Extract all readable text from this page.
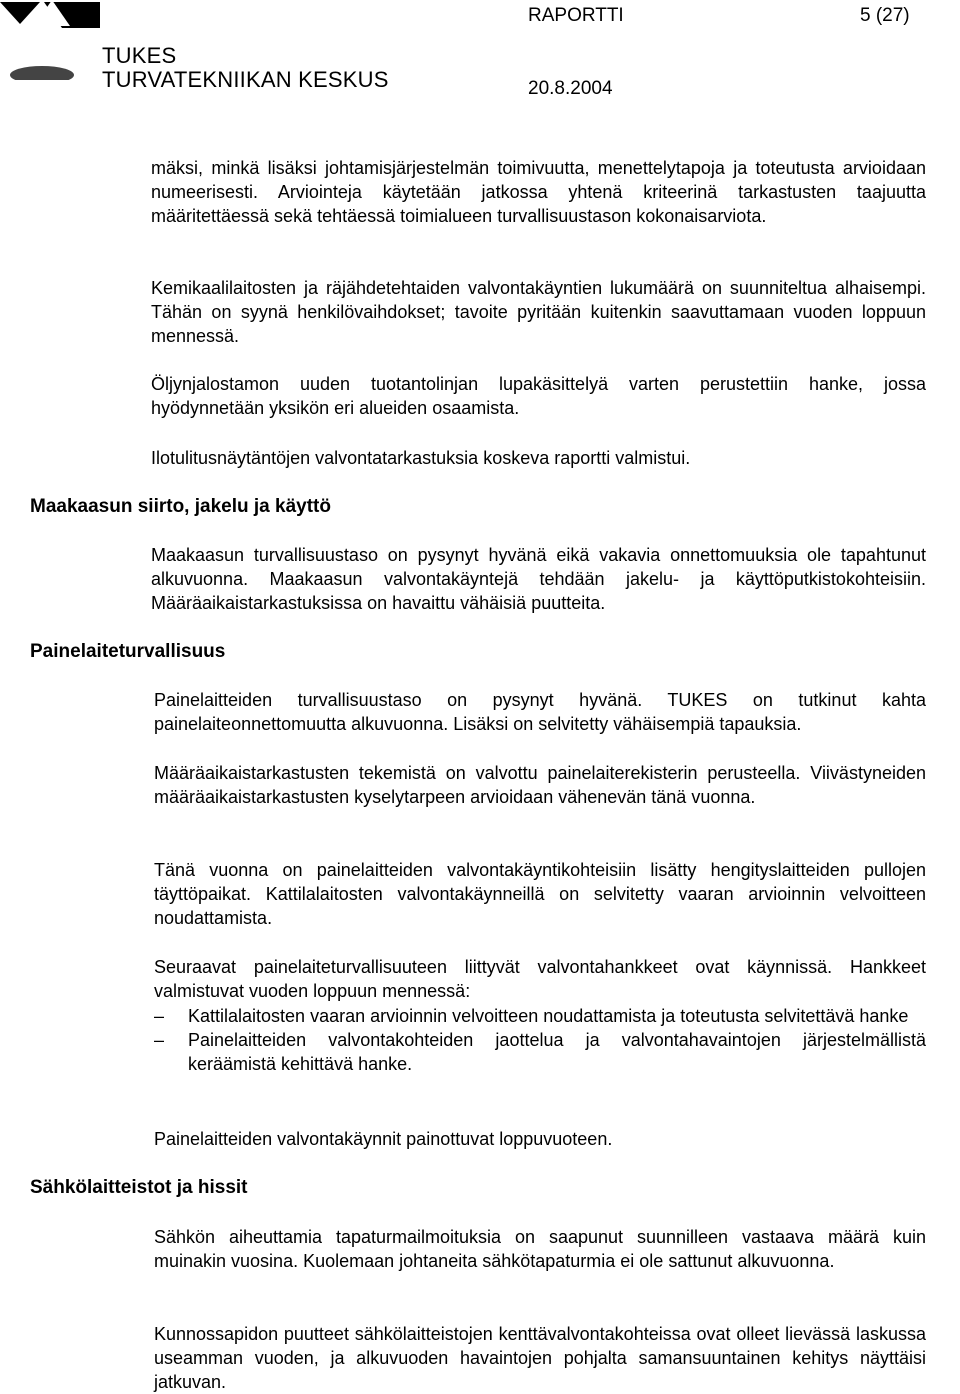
TUKES
TURVATEKNIIKAN KESKUS
RAPORTTI	5 (27)
20.8.2004

mäksi, minkä lisäksi johtamisjärjestelmän toimivuutta, menettelytapoja ja toteutusta arvioidaan numeerisesti. Arviointeja käytetään jatkossa yhtenä kriteerinä tarkastusten taajuutta määritettäessä sekä tehtäessä toimialueen turvallisuustason kokonaisarviota.

Kemikaalilaitosten ja räjähdetehtaiden valvontakäyntien lukumäärä on suunniteltua alhaisempi. Tähän on syynä henkilövaihdokset; tavoite pyritään kuitenkin saavuttamaan vuoden loppuun mennessä.

Öljynjalostamon uuden tuotantolinjan lupakäsittelyä varten perustettiin hanke, jossa hyödynnetään yksikön eri alueiden osaamista.

Ilotulitusnäytäntöjen valvontatarkastuksia koskeva raportti valmistui.

Maakaasun siirto, jakelu ja käyttö

Maakaasun turvallisuustaso on pysynyt hyvänä eikä vakavia onnettomuuksia ole tapahtunut alkuvuonna. Maakaasun valvontakäyntejä tehdään jakelu- ja käyttöputkistokohteisiin. Määräaikaistarkastuksissa on havaittu vähäisiä puutteita.

Painelaiteturvallisuus

Painelaitteiden turvallisuustaso on pysynyt hyvänä. TUKES on tutkinut kahta painelaiteonnettomuutta alkuvuonna. Lisäksi on selvitetty vähäisempiä tapauksia.

Määräaikaistarkastusten tekemistä on valvottu painelaiterekisterin perusteella. Viivästyneiden määräaikaistarkastusten kyselytarpeen arvioidaan vähenevän tänä vuonna.

Tänä vuonna on painelaitteiden valvontakäyntikohteisiin lisätty hengityslaitteiden pullojen täyttöpaikat. Kattilalaitosten valvontakäynneillä on selvitetty vaaran arvioinnin velvoitteen noudattamista.

Seuraavat painelaiteturvallisuuteen liittyvät valvontahankkeet ovat käynnissä. Hankkeet valmistuvat vuoden loppuun mennessä:

– Kattilalaitosten vaaran arvioinnin velvoitteen noudattamista ja toteutusta selvitettävä hanke
– Painelaitteiden valvontakohteiden jaottelua ja valvontahavaintojen järjestelmällistä keräämistä kehittävä hanke.

Painelaitteiden valvontakäynnit painottuvat loppuvuoteen.

Sähkölaitteistot ja hissit

Sähkön aiheuttamia tapaturmailmoituksia on saapunut suunnilleen vastaava määrä kuin muinakin vuosina. Kuolemaan johtaneita sähkötapaturmia ei ole sattunut alkuvuonna.

Kunnossapidon puutteet sähkölaitteistojen kenttävalvontakohteissa ovat olleet lievässä laskussa useamman vuoden, ja alkuvuoden havaintojen pohjalta samansuuntainen kehitys näyttäisi jatkuvan.
